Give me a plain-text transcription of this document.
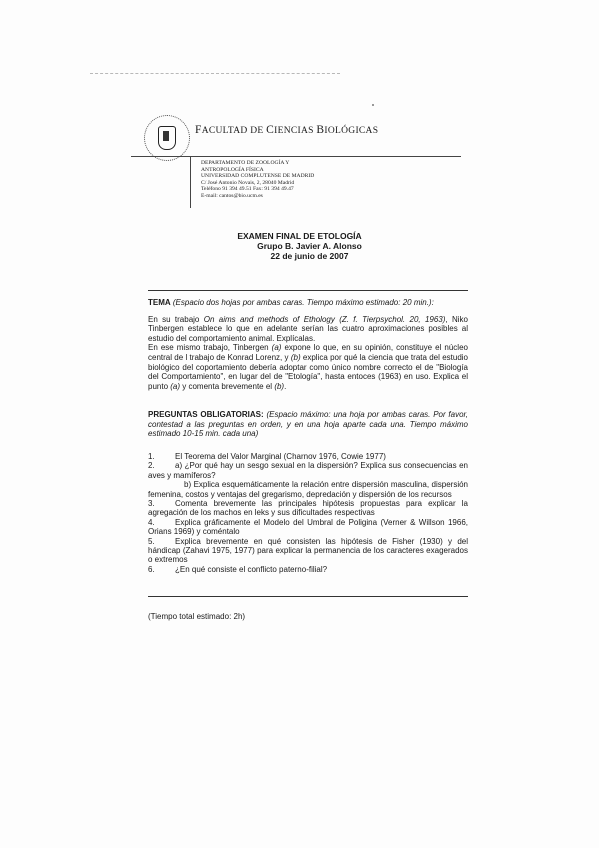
FACULTAD DE CIENCIAS BIOLÓGICAS
DEPARTAMENTO DE ZOOLOGÍA Y
ANTROPOLOGÍA FÍSICA
UNIVERSIDAD COMPLUTENSE DE MADRID
C/ José Antonio Novais, 2, 28040 Madrid
Teléfono 91 394 49.51 Fax: 91 394 49.47
E-mail: cantos@bio.ucm.es
EXAMEN FINAL DE ETOLOGÍA
Grupo B. Javier A. Alonso
22 de junio de 2007

TEMA (Espacio dos hojas por ambas caras. Tiempo máximo estimado: 20 min.):

En su trabajo On aims and methods of Ethology (Z. f. Tierpsychol. 20, 1963), Niko Tinbergen establece lo que en adelante serían las cuatro aproximaciones posibles al estudio del comportamiento animal. Explícalas.

En ese mismo trabajo, Tinbergen (a) expone lo que, en su opinión, constituye el núcleo central de l trabajo de Konrad Lorenz, y (b) explica por qué la ciencia que trata del estudio biológico del coportamiento debería adoptar como único nombre correcto el de "Biología del Comportamiento", en lugar del de "Etología", hasta entoces (1963) en uso. Explica el punto (a) y comenta brevemente el (b).

PREGUNTAS OBLIGATORIAS: (Espacio máximo: una hoja por ambas caras. Por favor, contestad a las preguntas en orden, y en una hoja aparte cada una. Tiempo máximo estimado 10-15 min. cada una)

1.	El Teorema del Valor Marginal (Charnov 1976, Cowie 1977)
2.	a) ¿Por qué hay un sesgo sexual en la dispersión? Explica sus consecuencias en aves y mamíferos?
b) Explica esquemáticamente la relación entre dispersión masculina, dispersión femenina, costos y ventajas del gregarismo, depredación y dispersión de los recursos
3.	Comenta brevemente las principales hipótesis propuestas para explicar la agregación de los machos en leks y sus dificultades respectivas
4.	Explica gráficamente el Modelo del Umbral de Poligina (Verner & Willson 1966, Orians 1969) y coméntalo
5.	Explica brevemente en qué consisten las hipótesis de Fisher (1930) y del hándicap (Zahavi 1975, 1977) para explicar la permanencia de los caracteres exagerados o extremos
6.	¿En qué consiste el conflicto paterno-filial?
(Tiempo total estimado: 2h)
